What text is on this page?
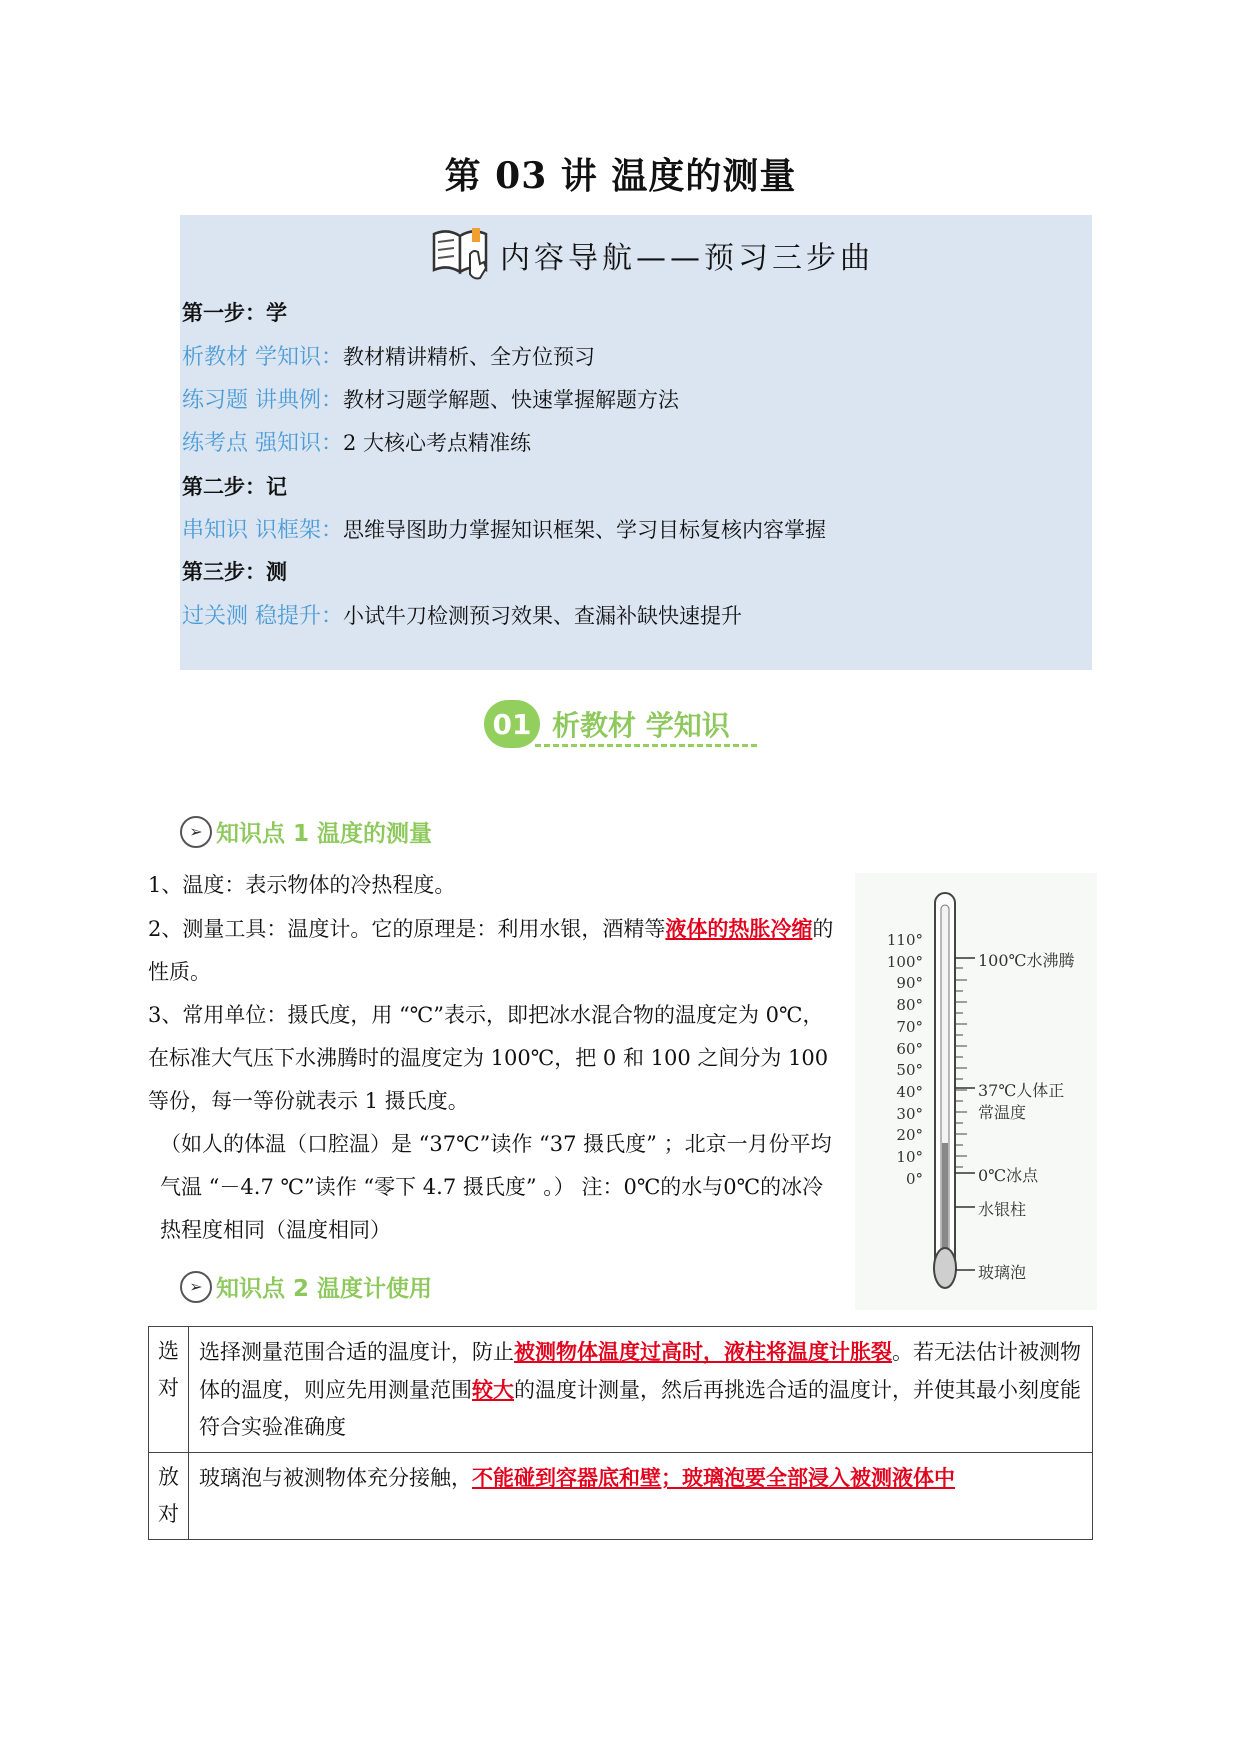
第 03 讲 温度的测量
内容导航——预习三步曲
第一步：学
析教材 学知识：教材精讲精析、全方位预习
练习题 讲典例：教材习题学解题、快速掌握解题方法
练考点 强知识：2 大核心考点精准练
第二步：记
串知识 识框架：思维导图助力掌握知识框架、学习目标复核内容掌握
第三步：测
过关测 稳提升：小试牛刀检测预习效果、查漏补缺快速提升
01 析教材 学知识
➢ 知识点 1 温度的测量
1、温度：表示物体的冷热程度。
2、测量工具：温度计。它的原理是：利用水银，酒精等液体的热胀冷缩的性质。
3、常用单位：摄氏度，用 “℃”表示，即把冰水混合物的温度定为 0℃，在标准大气压下水沸腾时的温度定为 100℃，把 0 和 100 之间分为 100 等份，每一等份就表示 1 摄氏度。
（如人的体温（口腔温）是 “37℃”读作 “37 摄氏度” ；北京一月份平均气温 “－4.7 ℃”读作 “零下 4.7 摄氏度” 。） 注：0℃的水与0℃的冰冷热程度相同（温度相同）
110°
100°
90°
80°
70°
60°
50°
40°
30°
20°
10°
0°
100℃水沸腾
37℃人体正
常温度
0℃冰点
水银柱
玻璃泡
➢ 知识点 2 温度计使用
选对	选择测量范围合适的温度计，防止被测物体温度过高时，液柱将温度计胀裂。若无法估计被测物体的温度，则应先用测量范围较大的温度计测量，然后再挑选合适的温度计，并使其最小刻度能符合实验准确度
放对	玻璃泡与被测物体充分接触，不能碰到容器底和壁；玻璃泡要全部浸入被测液体中
